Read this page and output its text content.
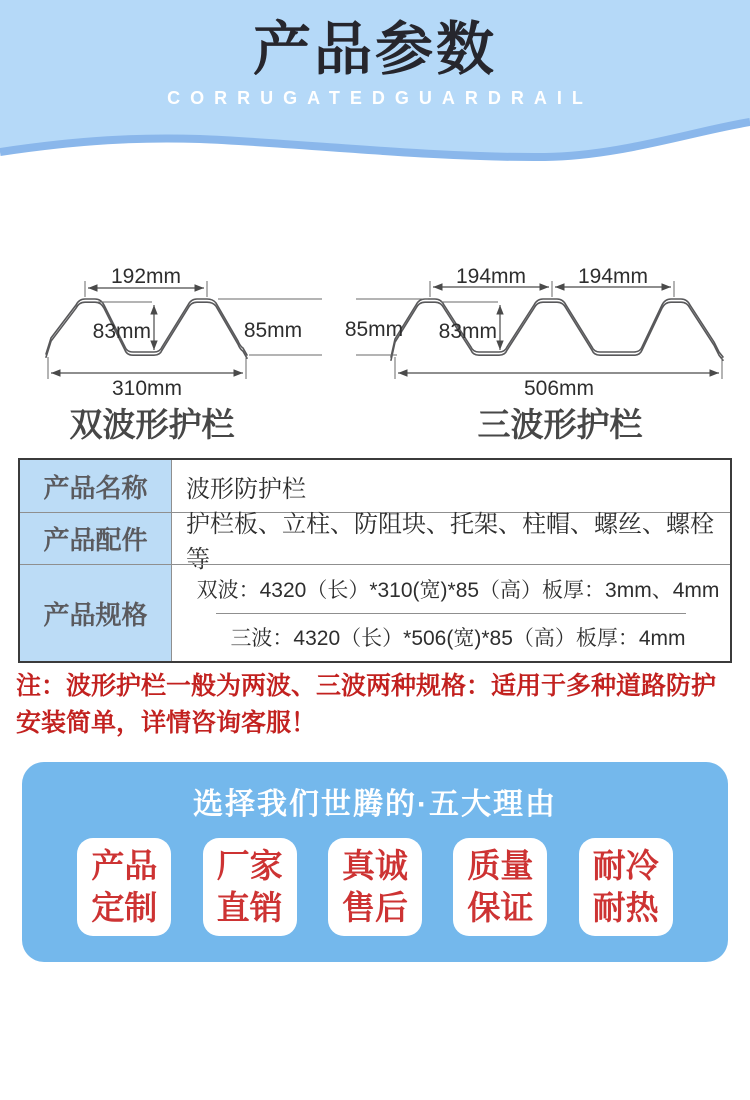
产品参数
CORRUGATEDGUARDRAIL
192mm
83mm	85mm
310mm
双波形护栏
194mm 194mm
83mm
85mm
506mm
三波形护栏
产品名称	波形防护栏
产品配件
护栏板、立柱、防阻块、托架、柱帽、螺丝、螺栓等
产品规格
双波：4320（长）*310(宽)*85（高）板厚：3mm、4mm
三波：4320（长）*506(宽)*85（高）板厚：4mm
注：波形护栏一般为两波、三波两种规格：适用于多种道路防护
安装简单，详情咨询客服！
选择我们世腾的·五大理由
产品
定制
厂家
直销
真诚
售后
质量
保证
耐冷
耐热
